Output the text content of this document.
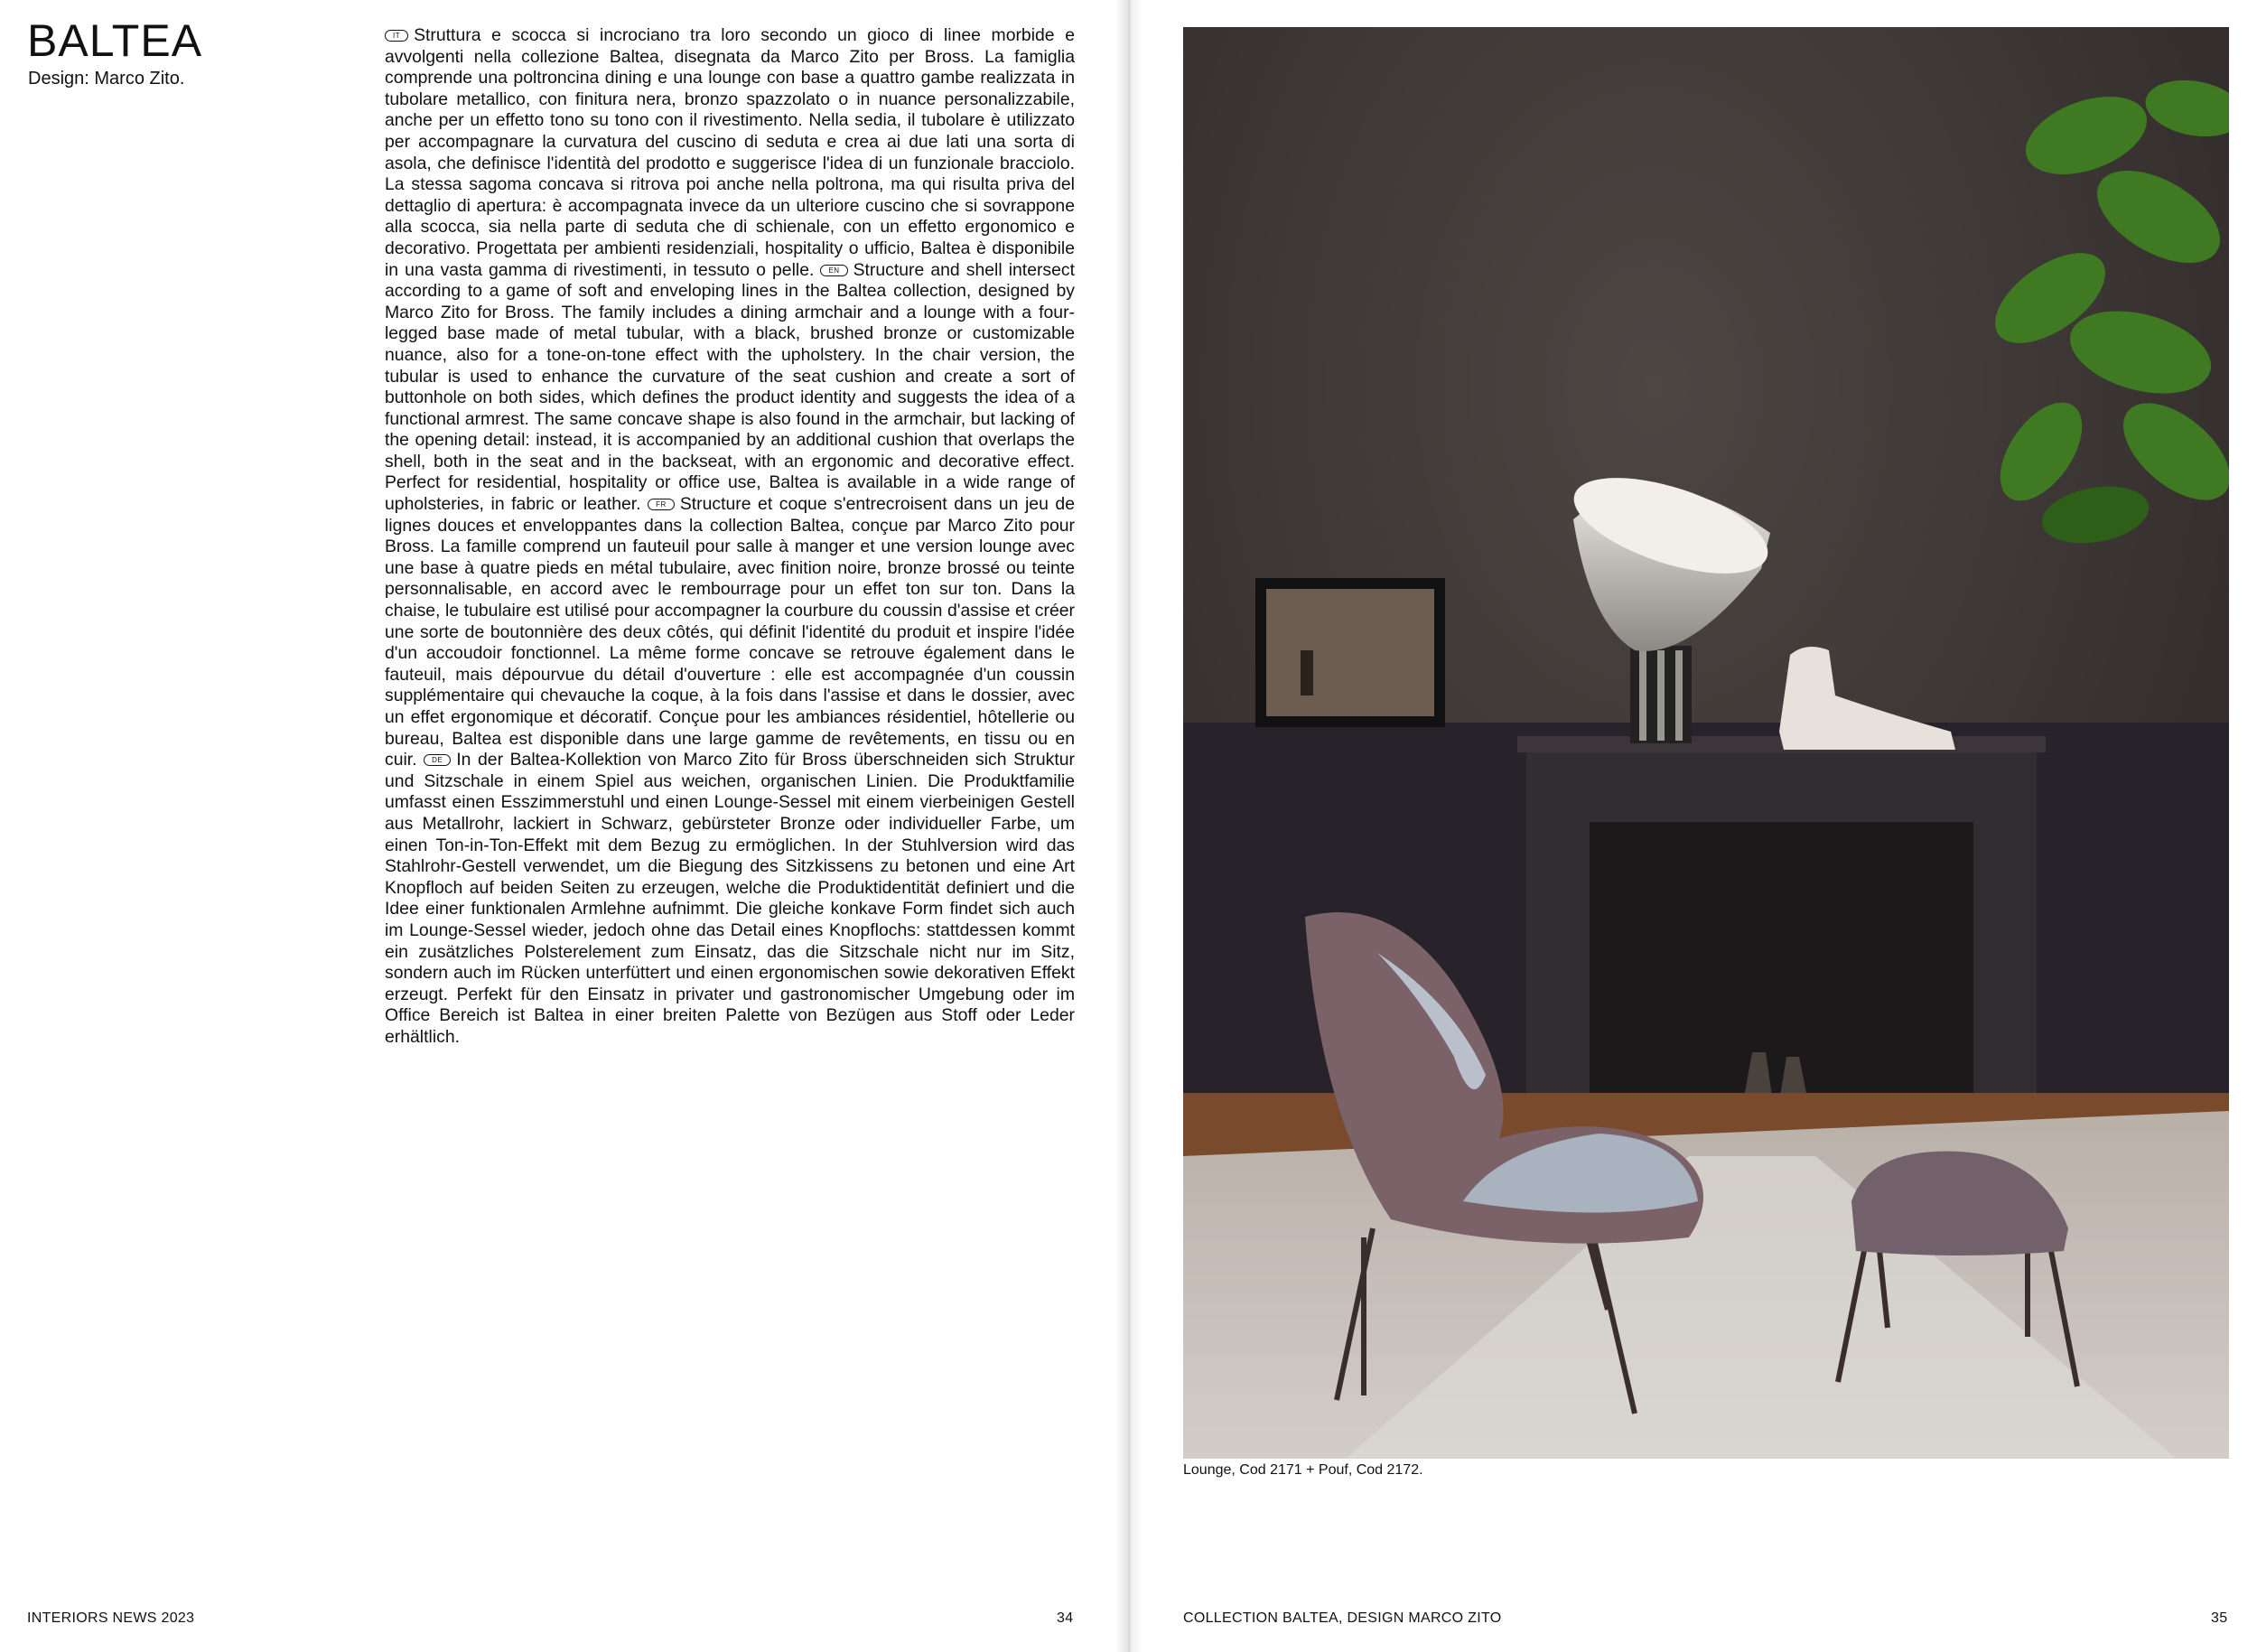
BALTEA
Design: Marco Zito.
IT Struttura e scocca si incrociano tra loro secondo un gioco di linee morbide e avvolgenti nella collezione Baltea, disegnata da Marco Zito per Bross. La famiglia comprende una poltroncina dining e una lounge con base a quattro gambe realizzata in tubolare metallico, con finitura nera, bronzo spazzolato o in nuance personalizzabile, anche per un effetto tono su tono con il rivestimento. Nella sedia, il tubolare è utilizzato per accompagnare la curvatura del cuscino di seduta e crea ai due lati una sorta di asola, che definisce l'identità del prodotto e suggerisce l'idea di un funzionale bracciolo. La stessa sagoma concava si ritrova poi anche nella poltrona, ma qui risulta priva del dettaglio di apertura: è accompagnata invece da un ulteriore cuscino che si sovrappone alla scocca, sia nella parte di seduta che di schienale, con un effetto ergonomico e decorativo. Progettata per ambienti residenziali, hospitality o ufficio, Baltea è disponibile in una vasta gamma di rivestimenti, in tessuto o pelle. EN Structure and shell intersect according to a game of soft and enveloping lines in the Baltea collection, designed by Marco Zito for Bross. The family includes a dining armchair and a lounge with a four-legged base made of metal tubular, with a black, brushed bronze or customizable nuance, also for a tone-on-tone effect with the upholstery. In the chair version, the tubular is used to enhance the curvature of the seat cushion and create a sort of buttonhole on both sides, which defines the product identity and suggests the idea of a functional armrest. The same concave shape is also found in the armchair, but lacking of the opening detail: instead, it is accompanied by an additional cushion that overlaps the shell, both in the seat and in the backseat, with an ergonomic and decorative effect. Perfect for residential, hospitality or office use, Baltea is available in a wide range of upholsteries, in fabric or leather. FR Structure et coque s'entrecroisent dans un jeu de lignes douces et enveloppantes dans la collection Baltea, conçue par Marco Zito pour Bross. La famille comprend un fauteuil pour salle à manger et une version lounge avec une base à quatre pieds en métal tubulaire, avec finition noire, bronze brossé ou teinte personnalisable, en accord avec le rembourrage pour un effet ton sur ton. Dans la chaise, le tubulaire est utilisé pour accompagner la courbure du coussin d'assise et créer une sorte de boutonnière des deux côtés, qui définit l'identité du produit et inspire l'idée d'un accoudoir fonctionnel. La même forme concave se retrouve également dans le fauteuil, mais dépourvue du détail d'ouverture : elle est accompagnée d'un coussin supplémentaire qui chevauche la coque, à la fois dans l'assise et dans le dossier, avec un effet ergonomique et décoratif. Conçue pour les ambiances résidentiel, hôtellerie ou bureau, Baltea est disponible dans une large gamme de revêtements, en tissu ou en cuir. DE In der Baltea-Kollektion von Marco Zito für Bross überschneiden sich Struktur und Sitzschale in einem Spiel aus weichen, organischen Linien. Die Produktfamilie umfasst einen Esszimmerstuhl und einen Lounge-Sessel mit einem vierbeinigen Gestell aus Metallrohr, lackiert in Schwarz, gebürsteter Bronze oder individueller Farbe, um einen Ton-in-Ton-Effekt mit dem Bezug zu ermöglichen. In der Stuhlversion wird das Stahlrohr-Gestell verwendet, um die Biegung des Sitzkissens zu betonen und eine Art Knopfloch auf beiden Seiten zu erzeugen, welche die Produktidentität definiert und die Idee einer funktionalen Armlehne aufnimmt. Die gleiche konkave Form findet sich auch im Lounge-Sessel wieder, jedoch ohne das Detail eines Knopflochs: stattdessen kommt ein zusätzliches Polsterelement zum Einsatz, das die Sitzschale nicht nur im Sitz, sondern auch im Rücken unterfüttert und einen ergonomischen sowie dekorativen Effekt erzeugt. Perfekt für den Einsatz in privater und gastronomischer Umgebung oder im Office Bereich ist Baltea in einer breiten Palette von Bezügen aus Stoff oder Leder erhältlich.
INTERIORS NEWS 2023	34
Lounge, Cod 2171 + Pouf, Cod 2172.
COLLECTION BALTEA, DESIGN MARCO ZITO	35
